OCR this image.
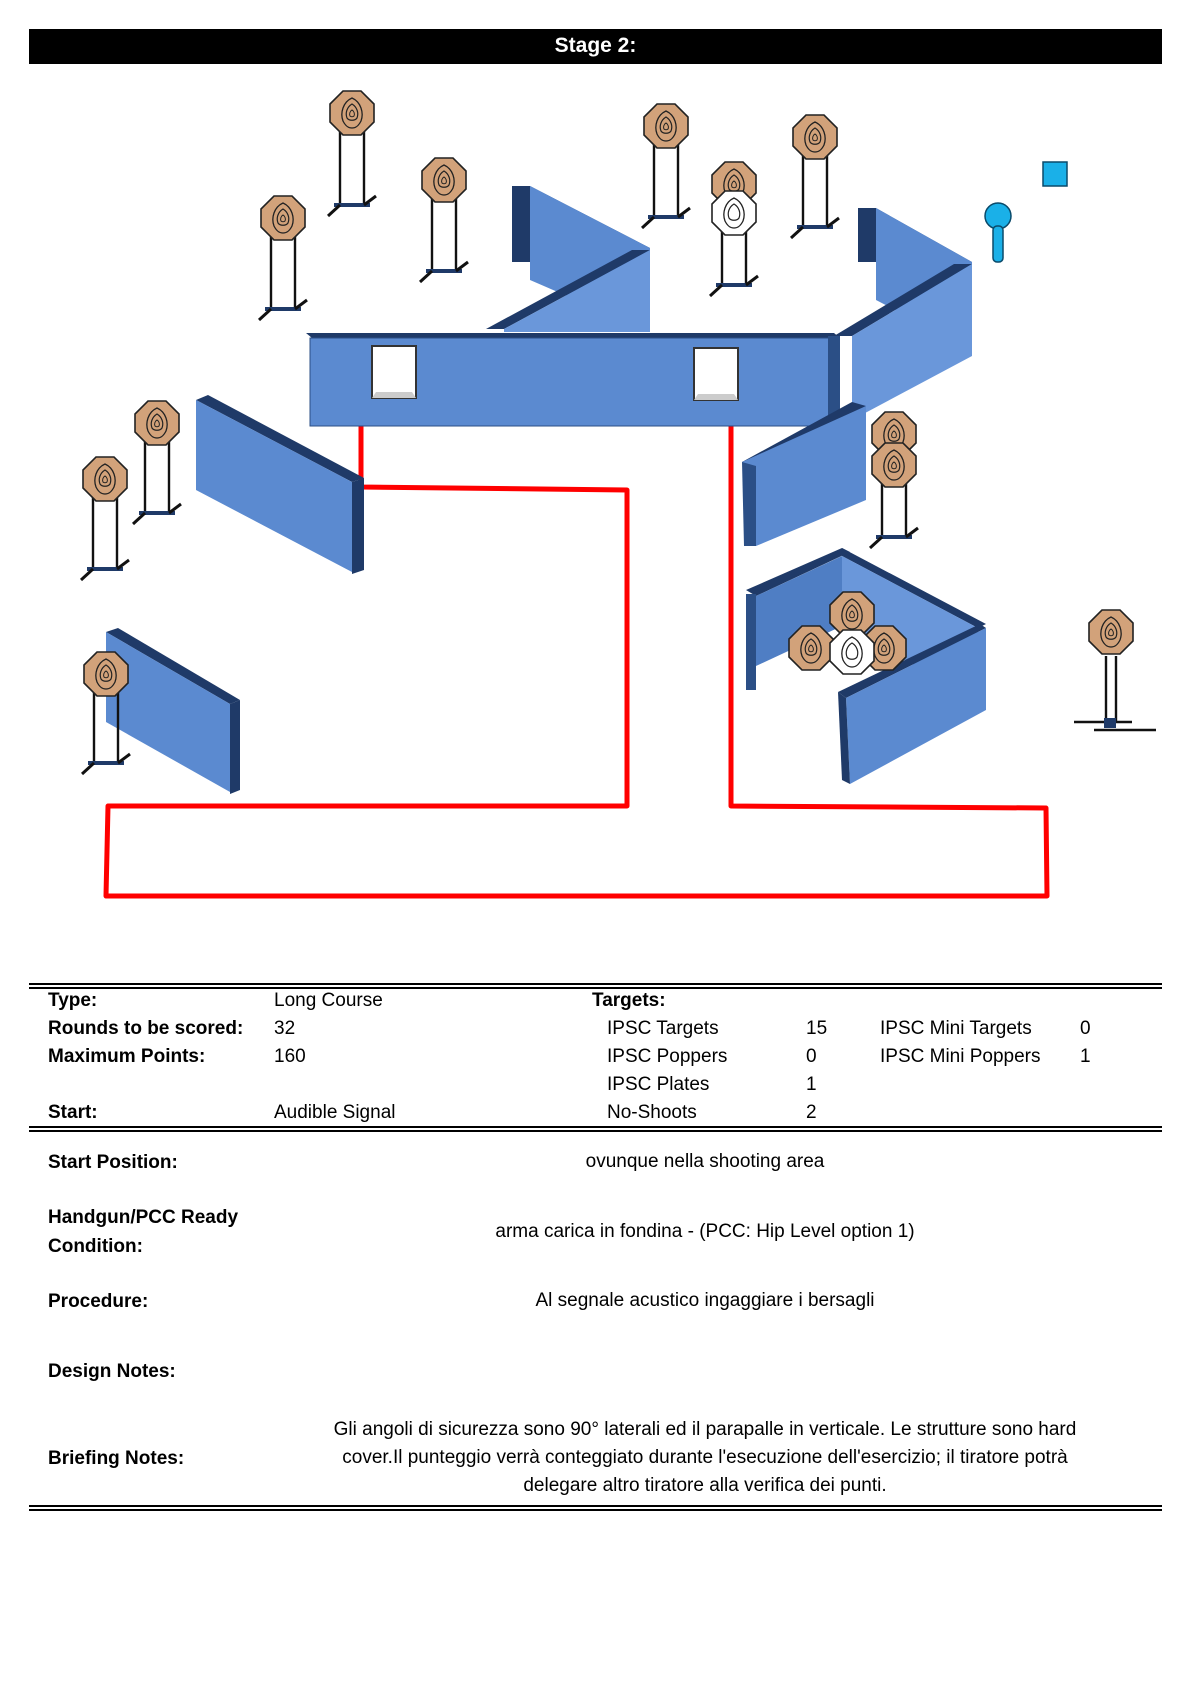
Stage 2:
Type:	Long Course
Rounds to be scored: 32
Maximum Points:	160
Start:	Audible Signal
Targets:
IPSC Targets	15
IPSC Poppers	0
IPSC Plates	1
No-Shoots	2
IPSC Mini Targets	0
IPSC Mini Poppers 1
Start Position:	ovunque nella shooting area
Handgun/PCC Ready
Condition:
arma carica in fondina - (PCC: Hip Level option 1)
Procedure:	Al segnale acustico ingaggiare i bersagli
Design Notes:
Briefing Notes:
Gli angoli di sicurezza sono 90° laterali ed il parapalle in verticale. Le strutture sono hard
cover.Il punteggio verrà conteggiato durante l'esecuzione dell'esercizio; il tiratore potrà
delegare altro tiratore alla verifica dei punti.
